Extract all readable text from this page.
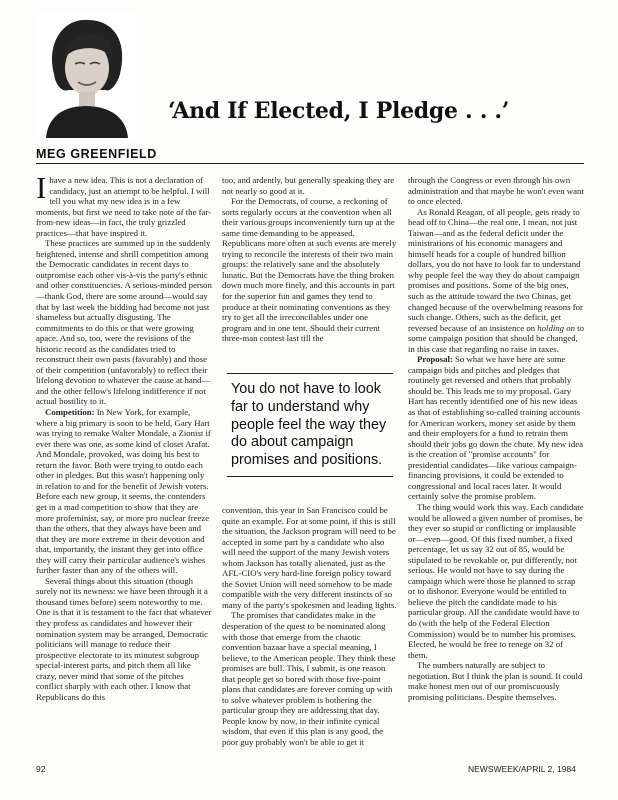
‘And If Elected, I Pledge . . .’
MEG GREENFIELD

Ihave a new idea. This is not a declaration of candidacy, just an attempt to be helpful. I will tell you what my new idea is in a few moments, but first we need to take note of the far-from-new ideas—in fact, the truly grizzled practices—that have inspired it.

These practices are summed up in the suddenly heightened, intense and shrill competition among the Democratic candidates in recent days to outpromise each other vis-à-vis the party's ethnic and other constituencies. A serious-minded person—thank God, there are some around—would say that by last week the bidding had become not just shameless but actually disgusting. The commitments to do this or that were growing apace. And so, too, were the revisions of the historic record as the candidates tried to reconstruct their own pasts (favorably) and those of their competition (unfavorably) to reflect their lifelong devotion to whatever the cause at hand—and the other fellow's lifelong indifference if not actual hostility to it.

Competition: In New York, for example, where a big primary is soon to be held, Gary Hart was trying to remake Walter Mondale, a Zionist if ever there was one, as some kind of closet Arafat. And Mondale, provoked, was doing his best to return the favor. Both were trying to outdo each other in pledges. But this wasn't happening only in relation to and for the benefit of Jewish voters. Before each new group, it seems, the contenders get in a mad competition to show that they are more profeminist, say, or more pro nuclear freeze than the others, that they always have been and that they are more extreme in their devotion and that, importantly, the instant they get into office they will carry their particular audience's wishes further faster than any of the others will.

Several things about this situation (though surely not its newness: we have been through it a thousand times before) seem noteworthy to me. One is that it is testament to the fact that whatever they profess as candidates and however their nomination system may be arranged, Democratic politicians will manage to reduce their prospective electorate to its minutest subgroup special-interest parts, and pitch them all like crazy, never mind that some of the pitches conflict sharply with each other. I know that Republicans do this

too, and ardently, but generally speaking they are not nearly so good at it.

For the Democrats, of course, a reckoning of sorts regularly occurs at the convention when all their various groups inconveniently turn up at the same time demanding to be appeased. Republicans more often at such events are merely trying to reconcile the interests of their two main groups: the relatively sane and the absolutely lunatic. But the Democrats have the thing broken down much more finely, and this accounts in part for the superior fun and games they tend to produce at their nominating conventions as they try to get all the irreconcilables under one program and in one tent. Should their current three-man contest last till the

You do not have to look far to understand why people feel the way they do about campaign promises and positions.

convention, this year in San Francisco could be quite an example. For at some point, if this is still the situation, the Jackson program will need to be accepted in some part by a candidate who also will need the support of the many Jewish voters whom Jackson has totally alienated, just as the AFL-CIO's very hard-line foreign policy toward the Soviet Union will need somehow to be made compatible with the very different instincts of so many of the party's spokesmen and leading lights.

The promises that candidates make in the desperation of the quest to be nominated along with those that emerge from the chaotic convention bazaar have a special meaning, I believe, to the American people. They think these promises are bull. This, I submit, is one reason that people get so bored with those five-point plans that candidates are forever coming up with to solve whatever problem is bothering the particular group they are addressing that day. People know by now, in their infinite cynical wisdom, that even if this plan is any good, the poor guy probably won't be able to get it

through the Congress or even through his own administration and that maybe he won't even want to once elected.

As Ronald Reagan, of all people, gets ready to head off to China—the real one, I mean, not just Taiwan—and as the federal deficit under the ministrations of his economic managers and himself heads for a couple of hundred billion dollars, you do not have to look far to understand why people feel the way they do about campaign promises and positions. Some of the big ones, such as the attitude toward the two Chinas, get changed because of the overwhelming reasons for such change. Others, such as the deficit, get reversed because of an insistence on holding on to some campaign position that should be changed, in this case that regarding no raise in taxes.

Proposal: So what we have here are some campaign bids and pitches and pledges that routinely get reversed and others that probably should be. This leads me to my proposal. Gary Hart has recently identified one of his new ideas as that of establishing so-called training accounts for American workers, money set aside by them and their employers for a fund to retrain them should their jobs go down the chute. My new idea is the creation of "promise accounts" for presidential candidates—like various campaign-financing provisions, it could be extended to congressional and local races later. It would certainly solve the promise problem.

The thing would work this way. Each candidate would be allowed a given number of promises, be they ever so stupid or conflicting or implausible or—even—good. Of this fixed number, a fixed percentage, let us say 32 out of 85, would be stipulated to be revokable or, put differently, not serious. He would not have to say during the campaign which were those he planned to scrap or to dishonor. Everyone would be entitled to believe the pitch the candidate made to his particular group. All the candidate would have to do (with the help of the Federal Election Commission) would be to number his promises. Elected, he would be free to renege on 32 of them.

The numbers naturally are subject to negotiation. But I think the plan is sound. It could make honest men out of our promiscuously promising politicians. Despite themselves.

92	NEWSWEEK/APRIL 2, 1984
